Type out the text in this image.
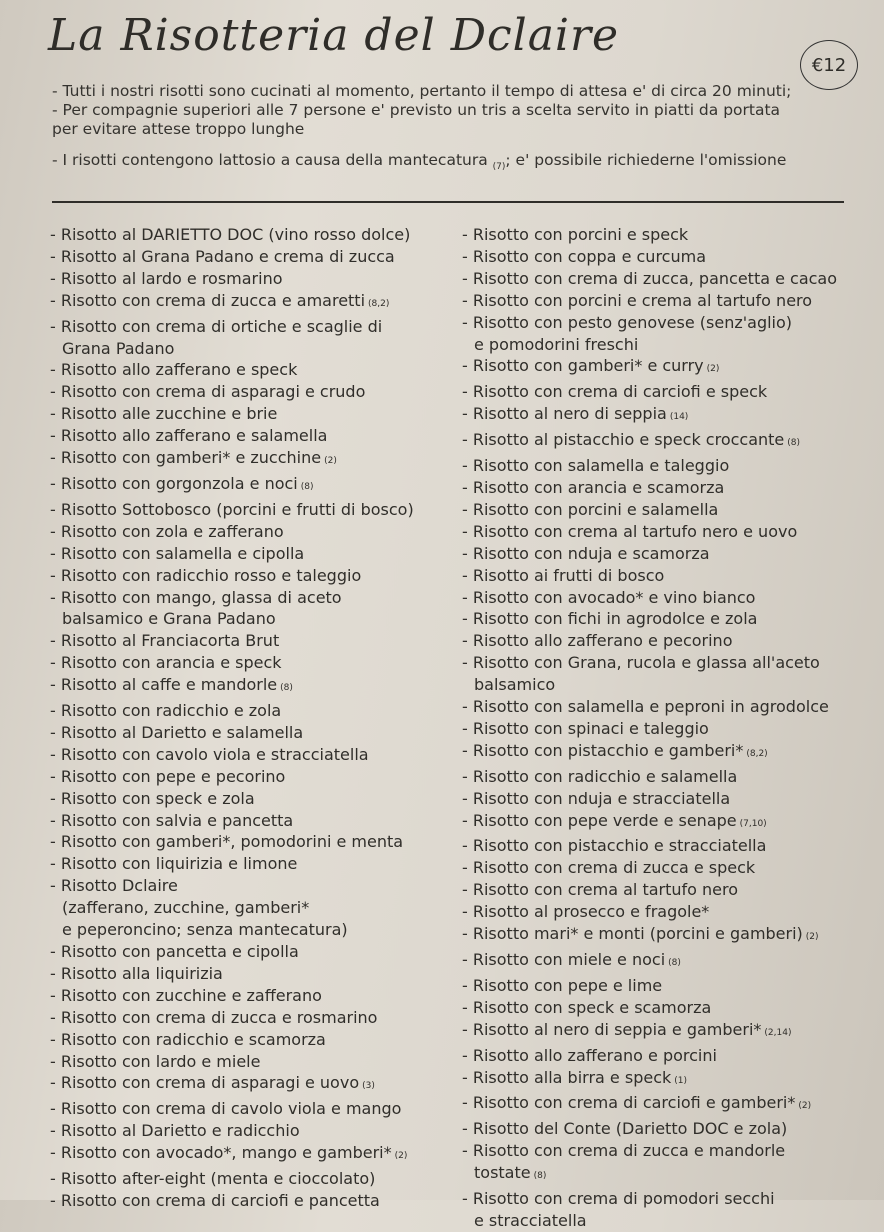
La Risotteria del Dclaire
€12
- Tutti i nostri risotti sono cucinati al momento, pertanto il tempo di attesa e' di circa 20 minuti;
- Per compagnie superiori alle 7 persone e' previsto un tris a scelta servito in piatti da portata
per evitare attese troppo lunghe
- I risotti contengono lattosio a causa della mantecatura $_{(7)}$; e' possibile richiederne l'omissione
- Risotto al DARIETTO DOC (vino rosso dolce)
- Risotto al Grana Padano e crema di zucca
- Risotto al lardo e rosmarino
- Risotto con crema di zucca e amaretti (8,2)
- Risotto con crema di ortiche e scaglie di
Grana Padano
- Risotto allo zafferano e speck
- Risotto con crema di asparagi e crudo
- Risotto alle zucchine e brie
- Risotto allo zafferano e salamella
- Risotto con gamberi* e zucchine (2)
- Risotto con gorgonzola e noci (8)
- Risotto Sottobosco (porcini e frutti di bosco)
- Risotto con zola e zafferano
- Risotto con salamella e cipolla
- Risotto con radicchio rosso e taleggio
- Risotto con mango, glassa di aceto
balsamico e Grana Padano
- Risotto al Franciacorta Brut
- Risotto con arancia e speck
- Risotto al caffe e mandorle (8)
- Risotto con radicchio e zola
- Risotto al Darietto e salamella
- Risotto con cavolo viola e stracciatella
- Risotto con pepe e pecorino
- Risotto con speck e zola
- Risotto con salvia e pancetta
- Risotto con gamberi*, pomodorini e menta
- Risotto con liquirizia e limone
- Risotto Dclaire
(zafferano, zucchine, gamberi*
e peperoncino; senza mantecatura)
- Risotto con pancetta e cipolla
- Risotto alla liquirizia
- Risotto con zucchine e zafferano
- Risotto con crema di zucca e rosmarino
- Risotto con radicchio e scamorza
- Risotto con lardo e miele
- Risotto con crema di asparagi e uovo (3)
- Risotto con crema di cavolo viola e mango
- Risotto al Darietto e radicchio
- Risotto con avocado*, mango e gamberi* (2)
- Risotto after-eight (menta e cioccolato)
- Risotto con crema di carciofi e pancetta
- Risotto con porcini e speck
- Risotto con coppa e curcuma
- Risotto con crema di zucca, pancetta e cacao
- Risotto con porcini e crema al tartufo nero
- Risotto con pesto genovese (senz'aglio)
e pomodorini freschi
- Risotto con gamberi* e curry (2)
- Risotto con crema di carciofi e speck
- Risotto al nero di seppia (14)
- Risotto al pistacchio e speck croccante (8)
- Risotto con salamella e taleggio
- Risotto con arancia e scamorza
- Risotto con porcini e salamella
- Risotto con crema al tartufo nero e uovo
- Risotto con nduja e scamorza
- Risotto ai frutti di bosco
- Risotto con avocado* e vino bianco
- Risotto con fichi in agrodolce e zola
- Risotto allo zafferano e pecorino
- Risotto con Grana, rucola e glassa all'aceto
balsamico
- Risotto con salamella e peproni in agrodolce
- Risotto con spinaci e taleggio
- Risotto con pistacchio e gamberi* (8,2)
- Risotto con radicchio e salamella
- Risotto con nduja e stracciatella
- Risotto con pepe verde e senape (7,10)
- Risotto con pistacchio e stracciatella
- Risotto con crema di zucca e speck
- Risotto con crema al tartufo nero
- Risotto al prosecco e fragole*
- Risotto mari* e monti (porcini e gamberi) (2)
- Risotto con miele e noci (8)
- Risotto con pepe e lime
- Risotto con speck e scamorza
- Risotto al nero di seppia e gamberi* (2,14)
- Risotto allo zafferano e porcini
- Risotto alla birra e speck (1)
- Risotto con crema di carciofi e gamberi* (2)
- Risotto del Conte (Darietto DOC e zola)
- Risotto con crema di zucca e mandorle
tostate (8)
- Risotto con crema di pomodori secchi
e stracciatella
